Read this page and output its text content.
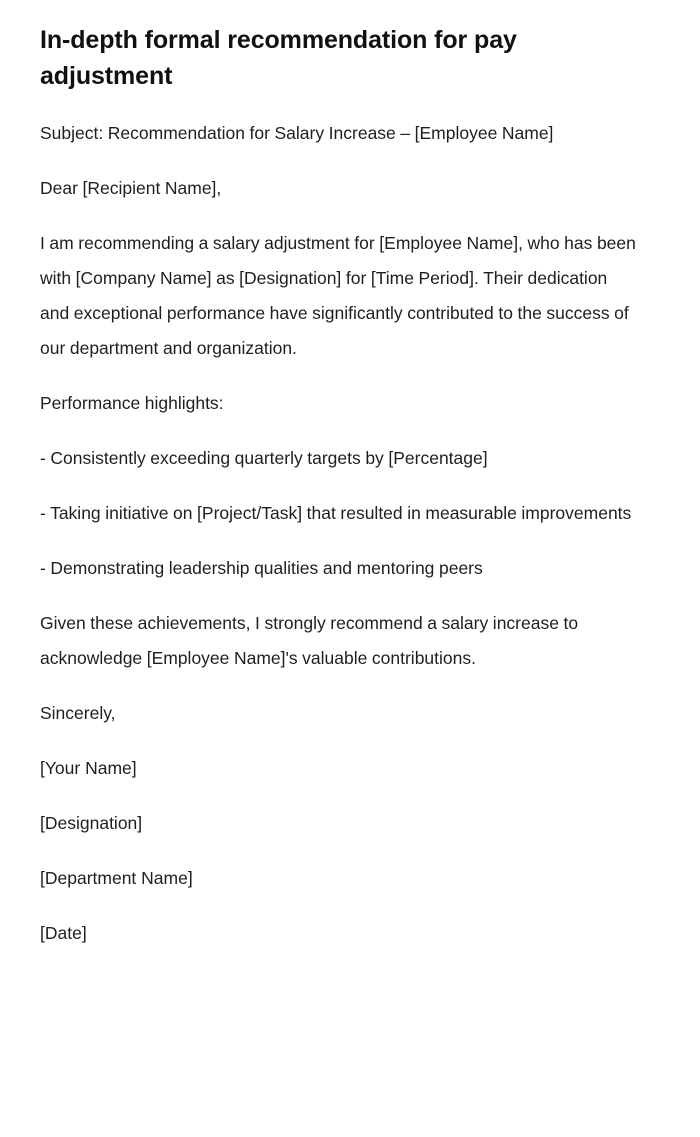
In-depth formal recommendation for pay adjustment

Subject: Recommendation for Salary Increase – [Employee Name]

Dear [Recipient Name],

I am recommending a salary adjustment for [Employee Name], who has been with [Company Name] as [Designation] for [Time Period]. Their dedication and exceptional performance have significantly contributed to the success of our department and organization.

Performance highlights:

- Consistently exceeding quarterly targets by [Percentage]

- Taking initiative on [Project/Task] that resulted in measurable improvements

- Demonstrating leadership qualities and mentoring peers

Given these achievements, I strongly recommend a salary increase to acknowledge [Employee Name]'s valuable contributions.

Sincerely,

[Your Name]

[Designation]

[Department Name]

[Date]
